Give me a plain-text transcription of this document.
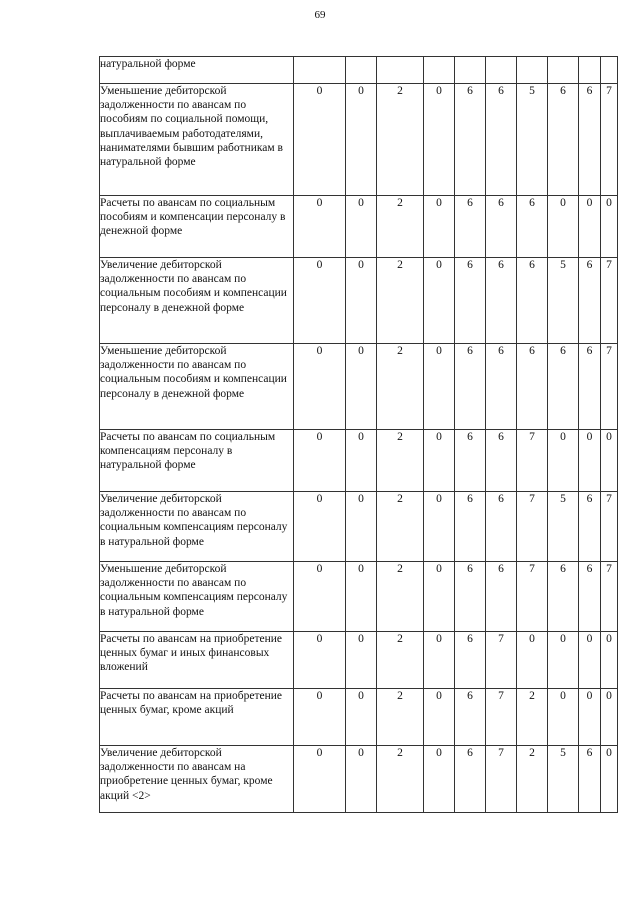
69
натуральной форме										
Уменьшение дебиторской задолженности по авансам по пособиям по социальной помощи, выплачиваемым работодателями, нанимателями бывшим работникам в натуральной форме	0	0	2	0	6	6	5	6	6	7
Расчеты по авансам по социальным пособиям и компенсации персоналу в денежной форме	0	0	2	0	6	6	6	0	0	0
Увеличение дебиторской задолженности по авансам по социальным пособиям и компенсации персоналу в денежной форме	0	0	2	0	6	6	6	5	6	7
Уменьшение дебиторской задолженности по авансам по социальным пособиям и компенсации персоналу в денежной форме	0	0	2	0	6	6	6	6	6	7
Расчеты по авансам по социальным компенсациям персоналу в натуральной форме	0	0	2	0	6	6	7	0	0	0
Увеличение дебиторской задолженности по авансам по социальным компенсациям персоналу в натуральной форме	0	0	2	0	6	6	7	5	6	7
Уменьшение дебиторской задолженности по авансам по социальным компенсациям персоналу в натуральной форме	0	0	2	0	6	6	7	6	6	7
Расчеты по авансам на приобретение ценных бумаг и иных финансовых вложений	0	0	2	0	6	7	0	0	0	0
Расчеты по авансам на приобретение ценных бумаг, кроме акций	0	0	2	0	6	7	2	0	0	0
Увеличение дебиторской задолженности по авансам на приобретение ценных бумаг, кроме акций <2>	0	0	2	0	6	7	2	5	6	0
